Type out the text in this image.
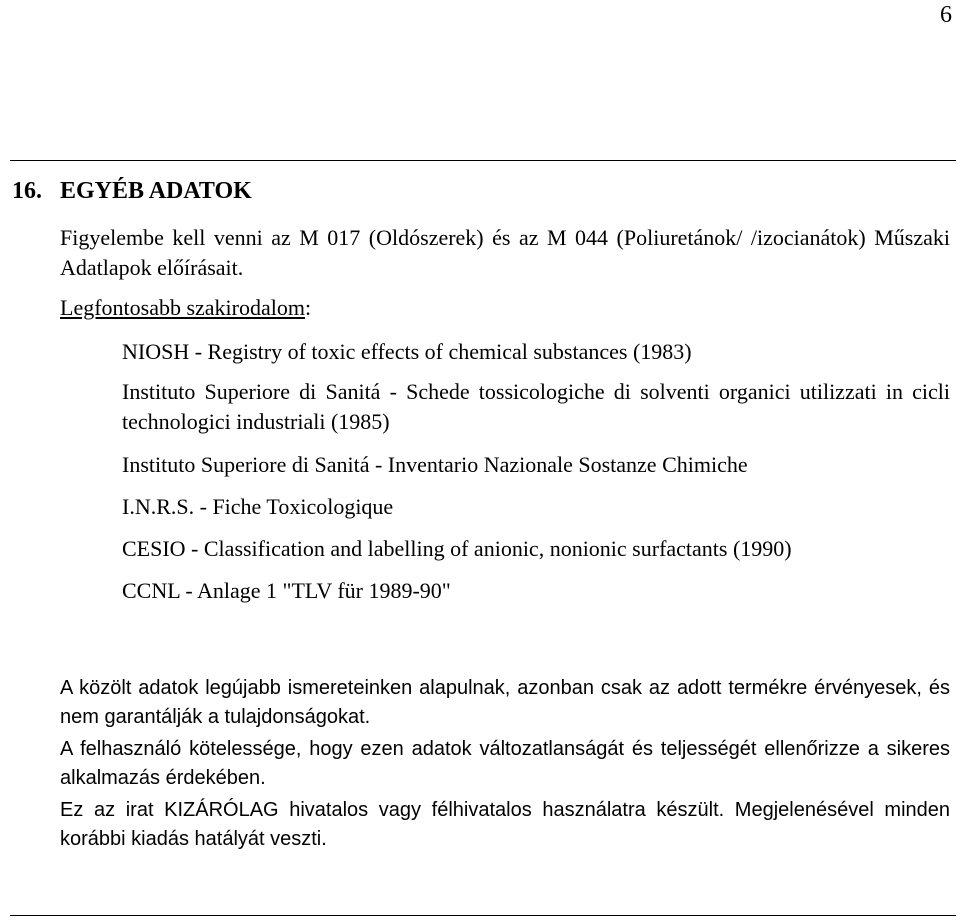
6
16. EGYÉB ADATOK
Figyelembe kell venni az M 017 (Oldószerek) és az M 044 (Poliuretánok/ /izocianátok) Műszaki Adatlapok előírásait.
Legfontosabb szakirodalom:
NIOSH - Registry of toxic effects of chemical substances (1983)
Instituto Superiore di Sanitá - Schede tossicologiche di solventi organici utilizzati in cicli technologici industriali (1985)
Instituto Superiore di Sanitá - Inventario Nazionale Sostanze Chimiche
I.N.R.S. - Fiche Toxicologique
CESIO - Classification and labelling of anionic, nonionic surfactants (1990)
CCNL - Anlage 1 "TLV für 1989-90"
A közölt adatok legújabb ismereteinken alapulnak, azonban csak az adott termékre érvényesek, és nem garantálják a tulajdonságokat.
A felhasználó kötelessége, hogy ezen adatok változatlanságát és teljességét ellenőrizze a sikeres alkalmazás érdekében.
Ez az irat KIZÁRÓLAG hivatalos vagy félhivatalos használatra készült. Megjelenésével minden korábbi kiadás hatályát veszti.
